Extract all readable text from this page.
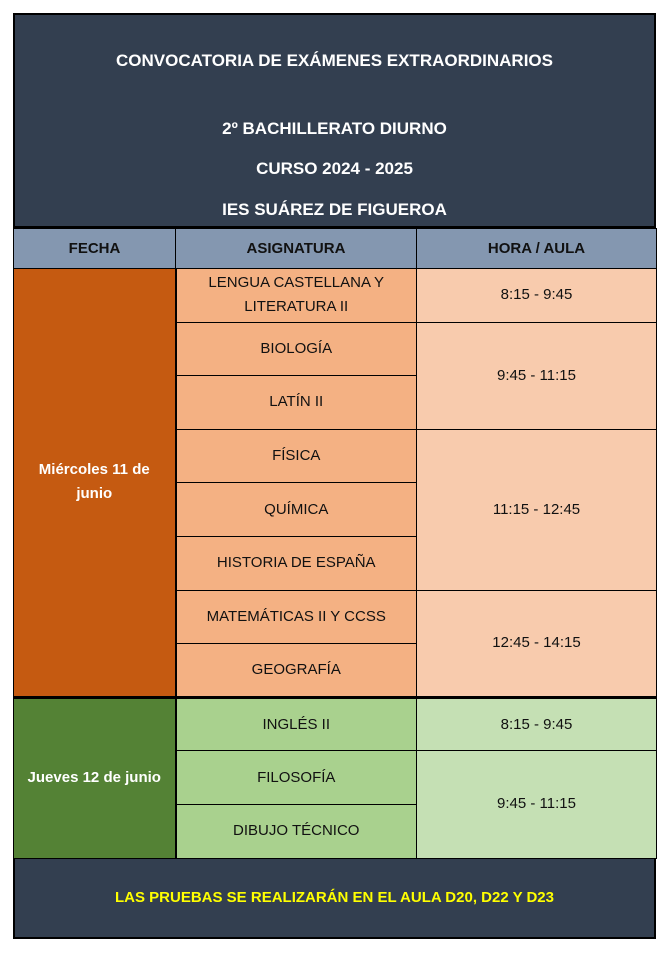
CONVOCATORIA DE EXÁMENES EXTRAORDINARIOS
2º BACHILLERATO DIURNO
CURSO 2024 - 2025
IES SUÁREZ DE FIGUEROA
FECHA	ASIGNATURA	HORA / AULA
Miércoles 11 de junio	LENGUA CASTELLANA Y LITERATURA II	8:15 - 9:45
	BIOLOGÍA	9:45 - 11:15
	LATÍN II	
	FÍSICA	11:15 - 12:45
	QUÍMICA	
	HISTORIA DE ESPAÑA	
	MATEMÁTICAS II Y CCSS	12:45 - 14:15
	GEOGRAFÍA	
Jueves 12 de junio	INGLÉS II	8:15 - 9:45
	FILOSOFÍA	9:45 - 11:15
	DIBUJO TÉCNICO	
LAS PRUEBAS SE REALIZARÁN EN EL AULA D20, D22 Y D23
